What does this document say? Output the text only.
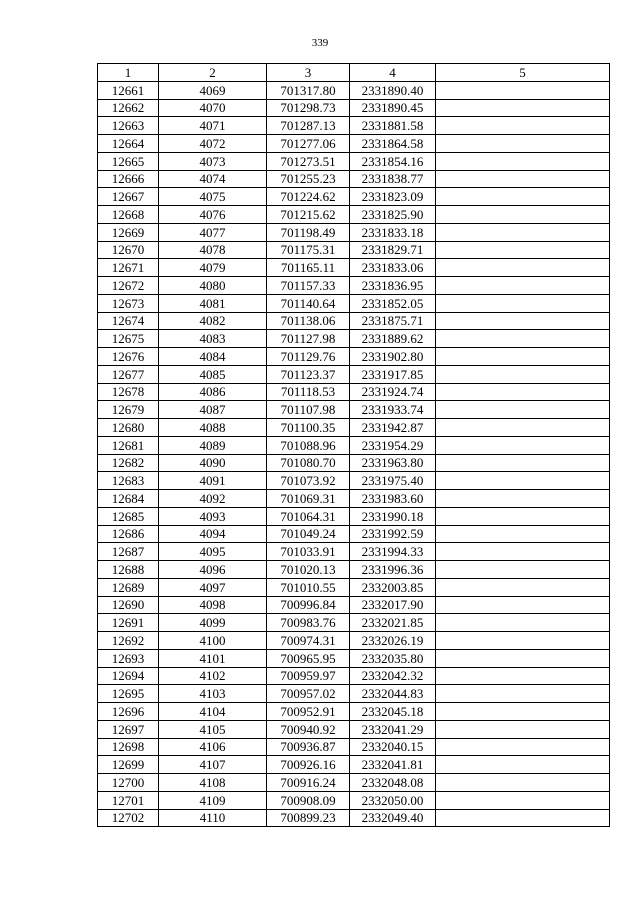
339
1	2	3	4	5
12661	4069	701317.80	2331890.40	
12662	4070	701298.73	2331890.45	
12663	4071	701287.13	2331881.58	
12664	4072	701277.06	2331864.58	
12665	4073	701273.51	2331854.16	
12666	4074	701255.23	2331838.77	
12667	4075	701224.62	2331823.09	
12668	4076	701215.62	2331825.90	
12669	4077	701198.49	2331833.18	
12670	4078	701175.31	2331829.71	
12671	4079	701165.11	2331833.06	
12672	4080	701157.33	2331836.95	
12673	4081	701140.64	2331852.05	
12674	4082	701138.06	2331875.71	
12675	4083	701127.98	2331889.62	
12676	4084	701129.76	2331902.80	
12677	4085	701123.37	2331917.85	
12678	4086	701118.53	2331924.74	
12679	4087	701107.98	2331933.74	
12680	4088	701100.35	2331942.87	
12681	4089	701088.96	2331954.29	
12682	4090	701080.70	2331963.80	
12683	4091	701073.92	2331975.40	
12684	4092	701069.31	2331983.60	
12685	4093	701064.31	2331990.18	
12686	4094	701049.24	2331992.59	
12687	4095	701033.91	2331994.33	
12688	4096	701020.13	2331996.36	
12689	4097	701010.55	2332003.85	
12690	4098	700996.84	2332017.90	
12691	4099	700983.76	2332021.85	
12692	4100	700974.31	2332026.19	
12693	4101	700965.95	2332035.80	
12694	4102	700959.97	2332042.32	
12695	4103	700957.02	2332044.83	
12696	4104	700952.91	2332045.18	
12697	4105	700940.92	2332041.29	
12698	4106	700936.87	2332040.15	
12699	4107	700926.16	2332041.81	
12700	4108	700916.24	2332048.08	
12701	4109	700908.09	2332050.00	
12702	4110	700899.23	2332049.40	
